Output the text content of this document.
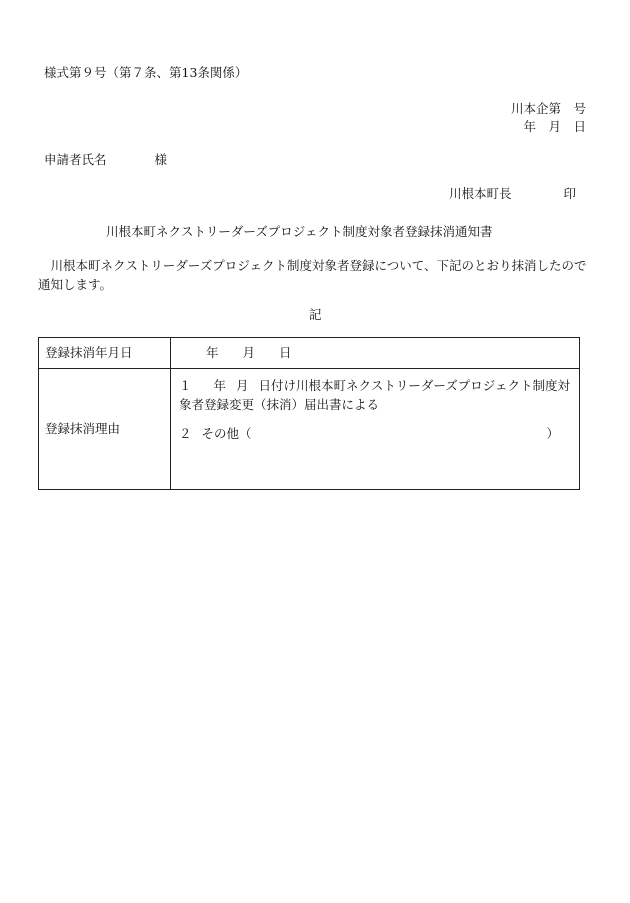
様式第９号（第７条、第13条関係）
川本企第　号
年　月　日
申請者氏名	様
川根本町長	印
川根本町ネクストリーダーズプロジェクト制度対象者登録抹消通知書
川根本町ネクストリーダーズプロジェクト制度対象者登録について、下記のとおり抹消したので通知します。
記
登録抹消年月日	年 月 日
登録抹消理由	１ 年 月 日付け川根本町ネクストリーダーズプロジェクト制度対象者登録変更（抹消）届出書による
２ その他（ ）
